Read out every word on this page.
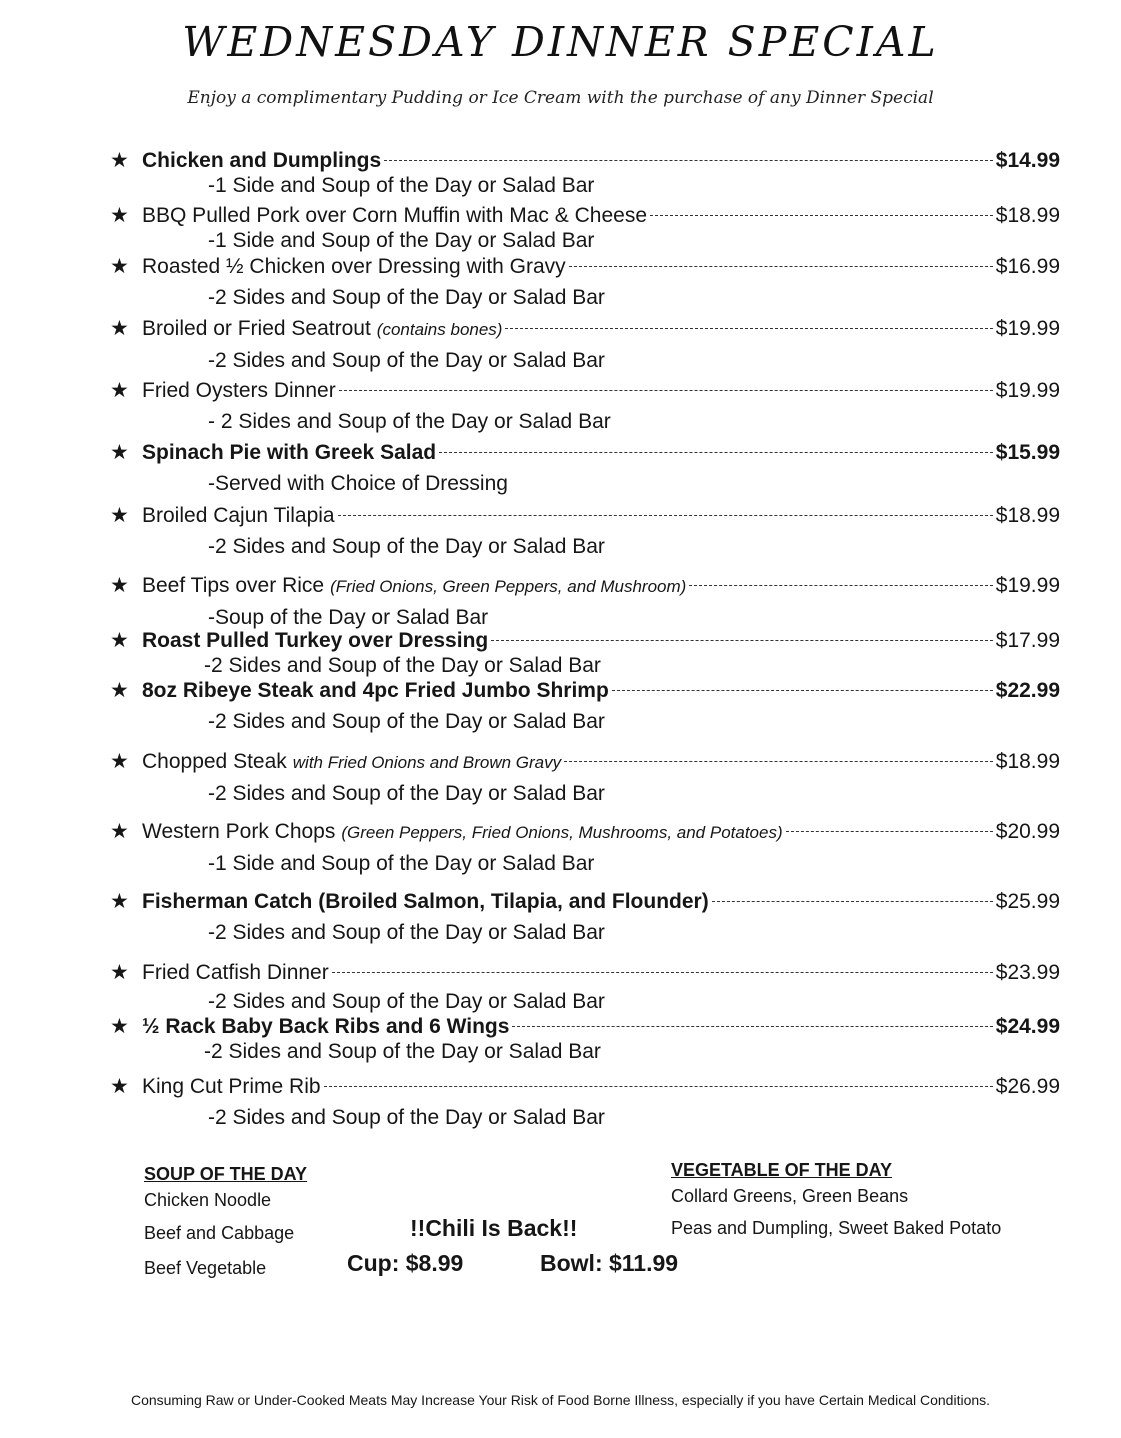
WEDNESDAY DINNER SPECIAL
Enjoy a complimentary Pudding or Ice Cream with the purchase of any Dinner Special
★ Chicken and Dumplings	$14.99
-1 Side and Soup of the Day or Salad Bar
★ BBQ Pulled Pork over Corn Muffin with Mac & Cheese	$18.99
-1 Side and Soup of the Day or Salad Bar
★ Roasted ½ Chicken over Dressing with Gravy	$16.99
-2 Sides and Soup of the Day or Salad Bar
★ Broiled or Fried Seatrout (contains bones)	$19.99
-2 Sides and Soup of the Day or Salad Bar
★ Fried Oysters Dinner	$19.99
- 2 Sides and Soup of the Day or Salad Bar
★ Spinach Pie with Greek Salad	$15.99
-Served with Choice of Dressing
★ Broiled Cajun Tilapia	$18.99
-2 Sides and Soup of the Day or Salad Bar
★ Beef Tips over Rice (Fried Onions, Green Peppers, and Mushroom)	$19.99
-Soup of the Day or Salad Bar
★ Roast Pulled Turkey over Dressing	$17.99
-2 Sides and Soup of the Day or Salad Bar
★ 8oz Ribeye Steak and 4pc Fried Jumbo Shrimp	$22.99
-2 Sides and Soup of the Day or Salad Bar
★ Chopped Steak with Fried Onions and Brown Gravy	$18.99
-2 Sides and Soup of the Day or Salad Bar
★ Western Pork Chops (Green Peppers, Fried Onions, Mushrooms, and Potatoes)	$20.99
-1 Side and Soup of the Day or Salad Bar
★ Fisherman Catch (Broiled Salmon, Tilapia, and Flounder)	$25.99
-2 Sides and Soup of the Day or Salad Bar
★ Fried Catfish Dinner	$23.99
-2 Sides and Soup of the Day or Salad Bar
★ ½ Rack Baby Back Ribs and 6 Wings	$24.99
-2 Sides and Soup of the Day or Salad Bar
★ King Cut Prime Rib	$26.99
-2 Sides and Soup of the Day or Salad Bar
SOUP OF THE DAY
Chicken Noodle
Beef and Cabbage
Beef Vegetable
!!Chili Is Back!!
Cup: $8.99	Bowl: $11.99
VEGETABLE OF THE DAY
Collard Greens, Green Beans
Peas and Dumpling, Sweet Baked Potato
Consuming Raw or Under-Cooked Meats May Increase Your Risk of Food Borne Illness, especially if you have Certain Medical Conditions.
